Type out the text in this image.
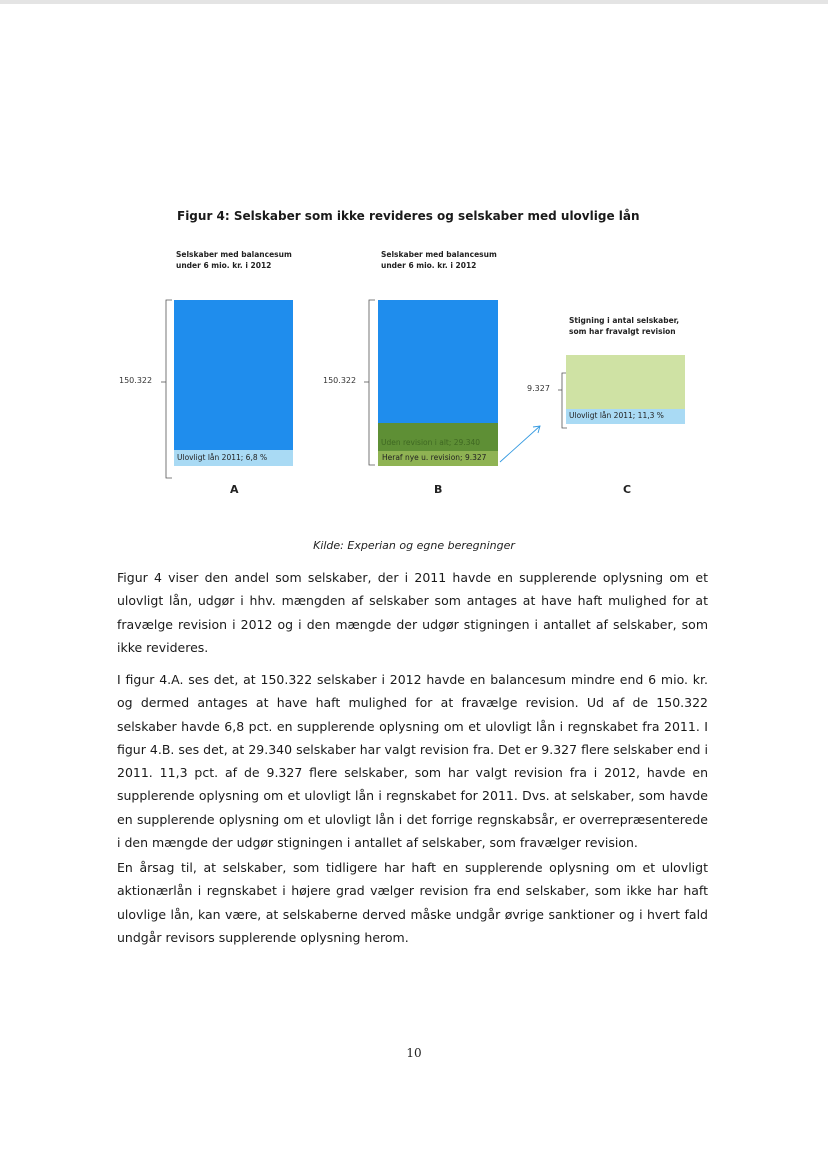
Figur 4: Selskaber som ikke revideres og selskaber med ulovlige lån
Selskaber med balancesum
under 6 mio. kr. i 2012
150.322
Ulovligt lån 2011; 6,8 %
A
Selskaber med balancesum
under 6 mio. kr. i 2012
150.322
Uden revision i alt; 29.340
Heraf nye u. revision; 9.327
B
Stigning i antal selskaber,
som har fravalgt revision
9.327
Ulovligt lån 2011; 11,3 %
C
Kilde: Experian og egne beregninger

Figur 4 viser den andel som selskaber, der i 2011 havde en supplerende oplysning om et ulovligt lån, udgør i hhv. mængden af selskaber som antages at have haft mulighed for at fravælge revision i 2012 og i den mængde der udgør stigningen i antallet af selskaber, som ikke revideres.

I figur 4.A. ses det, at 150.322 selskaber i 2012 havde en balancesum mindre end 6 mio. kr. og dermed antages at have haft mulighed for at fravælge revision. Ud af de 150.322 selskaber havde 6,8 pct. en supplerende oplysning om et ulovligt lån i regnskabet fra 2011. I figur 4.B. ses det, at 29.340 selskaber har valgt revision fra. Det er 9.327 flere selskaber end i 2011. 11,3 pct. af de 9.327 flere selskaber, som har valgt revision fra i 2012, havde en supplerende oplysning om et ulovligt lån i regnskabet for 2011. Dvs. at selskaber, som havde en supplerende oplysning om et ulovligt lån i det forrige regnskabsår, er overrepræsenterede i den mængde der udgør stigningen i antallet af selskaber, som fravælger revision.

En årsag til, at selskaber, som tidligere har haft en supplerende oplysning om et ulovligt aktionærlån i regnskabet i højere grad vælger revision fra end selskaber, som ikke har haft ulovlige lån, kan være, at selskaberne derved måske undgår øvrige sanktioner og i hvert fald undgår revisors supplerende oplysning herom.

10
